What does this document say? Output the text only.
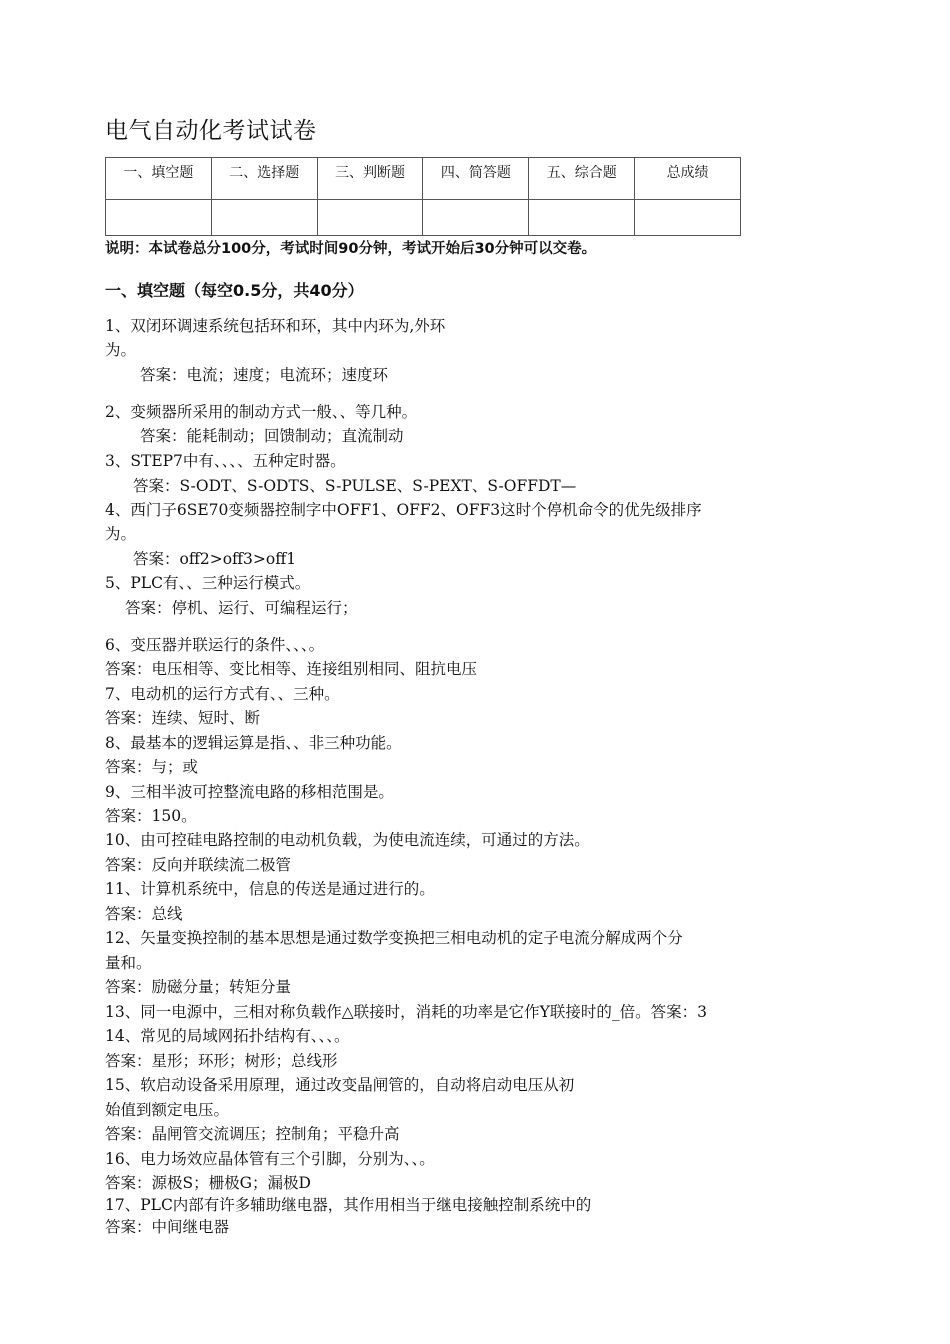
电气自动化考试试卷
一、填空题	二、选择题	三、判断题	四、简答题	五、综合题	总成绩

说明：本试卷总分100分，考试时间90分钟，考试开始后30分钟可以交卷。
一、填空题（每空0.5分，共40分）
1、双闭环调速系统包括环和环，其中内环为,外环
为。
答案：电流；速度；电流环；速度环
2、变频器所采用的制动方式一般、、等几种。
答案：能耗制动；回馈制动；直流制动
3、STEP7中有、、、、五种定时器。
答案：S-ODT、S-ODTS、S-PULSE、S-PEXT、S-OFFDT—
4、西门子6SE70变频器控制字中OFF1、OFF2、OFF3这时个停机命令的优先级排序
为。
答案：off2>off3>off1
5、PLC有、、三种运行模式。
答案：停机、运行、可编程运行；
6、变压器并联运行的条件、、、。
答案：电压相等、变比相等、连接组别相同、阻抗电压
7、电动机的运行方式有、、三种。
答案：连续、短时、断
8、最基本的逻辑运算是指、、非三种功能。
答案：与；或
9、三相半波可控整流电路的移相范围是。
答案：150。
10、由可控硅电路控制的电动机负载，为使电流连续，可通过的方法。
答案：反向并联续流二极管
11、计算机系统中，信息的传送是通过进行的。
答案：总线
12、矢量变换控制的基本思想是通过数学变换把三相电动机的定子电流分解成两个分
量和。
答案：励磁分量；转矩分量
13、同一电源中，三相对称负载作△联接时，消耗的功率是它作Y联接时的_倍。答案：3
14、常见的局域网拓扑结构有、、、。
答案：星形；环形；树形；总线形
15、软启动设备采用原理，通过改变晶闸管的，自动将启动电压从初
始值到额定电压。
答案：晶闸管交流调压；控制角；平稳升高
16、电力场效应晶体管有三个引脚，分别为、、。
答案：源极S；栅极G；漏极D
17、PLC内部有许多辅助继电器，其作用相当于继电接触控制系统中的
答案：中间继电器
